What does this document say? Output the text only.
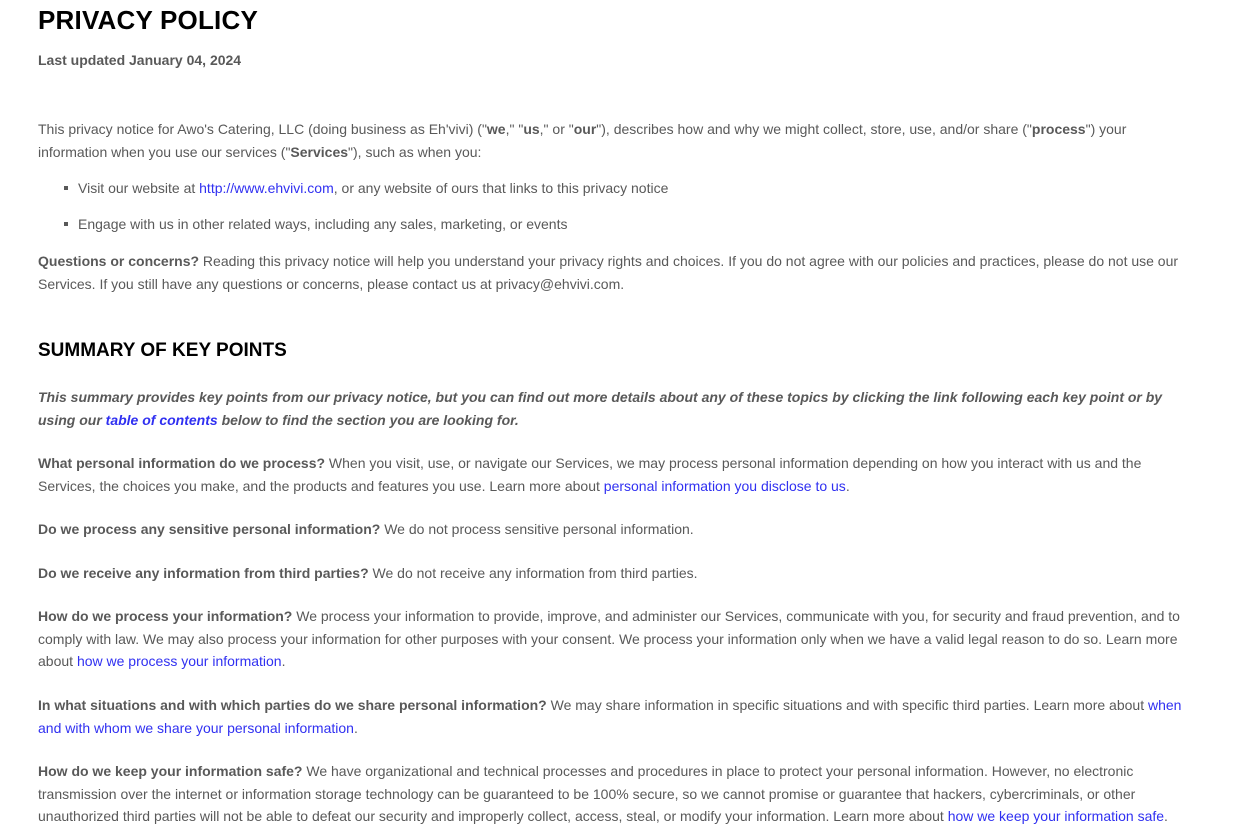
PRIVACY POLICY
Last updated January 04, 2024

This privacy notice for Awo's Catering, LLC (doing business as Eh'vivi) ("we," "us," or "our"), describes how and why we might collect, store, use, and/or share ("process") your information when you use our services ("Services"), such as when you:

Visit our website at http://www.ehvivi.com, or any website of ours that links to this privacy notice
Engage with us in other related ways, including any sales, marketing, or events

Questions or concerns? Reading this privacy notice will help you understand your privacy rights and choices. If you do not agree with our policies and practices, please do not use our Services. If you still have any questions or concerns, please contact us at privacy@ehvivi.com.

SUMMARY OF KEY POINTS

This summary provides key points from our privacy notice, but you can find out more details about any of these topics by clicking the link following each key point or by using our table of contents below to find the section you are looking for.

What personal information do we process? When you visit, use, or navigate our Services, we may process personal information depending on how you interact with us and the Services, the choices you make, and the products and features you use. Learn more about personal information you disclose to us.

Do we process any sensitive personal information? We do not process sensitive personal information.

Do we receive any information from third parties? We do not receive any information from third parties.

How do we process your information? We process your information to provide, improve, and administer our Services, communicate with you, for security and fraud prevention, and to comply with law. We may also process your information for other purposes with your consent. We process your information only when we have a valid legal reason to do so. Learn more about how we process your information.

In what situations and with which parties do we share personal information? We may share information in specific situations and with specific third parties. Learn more about when and with whom we share your personal information.

How do we keep your information safe? We have organizational and technical processes and procedures in place to protect your personal information. However, no electronic transmission over the internet or information storage technology can be guaranteed to be 100% secure, so we cannot promise or guarantee that hackers, cybercriminals, or other unauthorized third parties will not be able to defeat our security and improperly collect, access, steal, or modify your information. Learn more about how we keep your information safe.
